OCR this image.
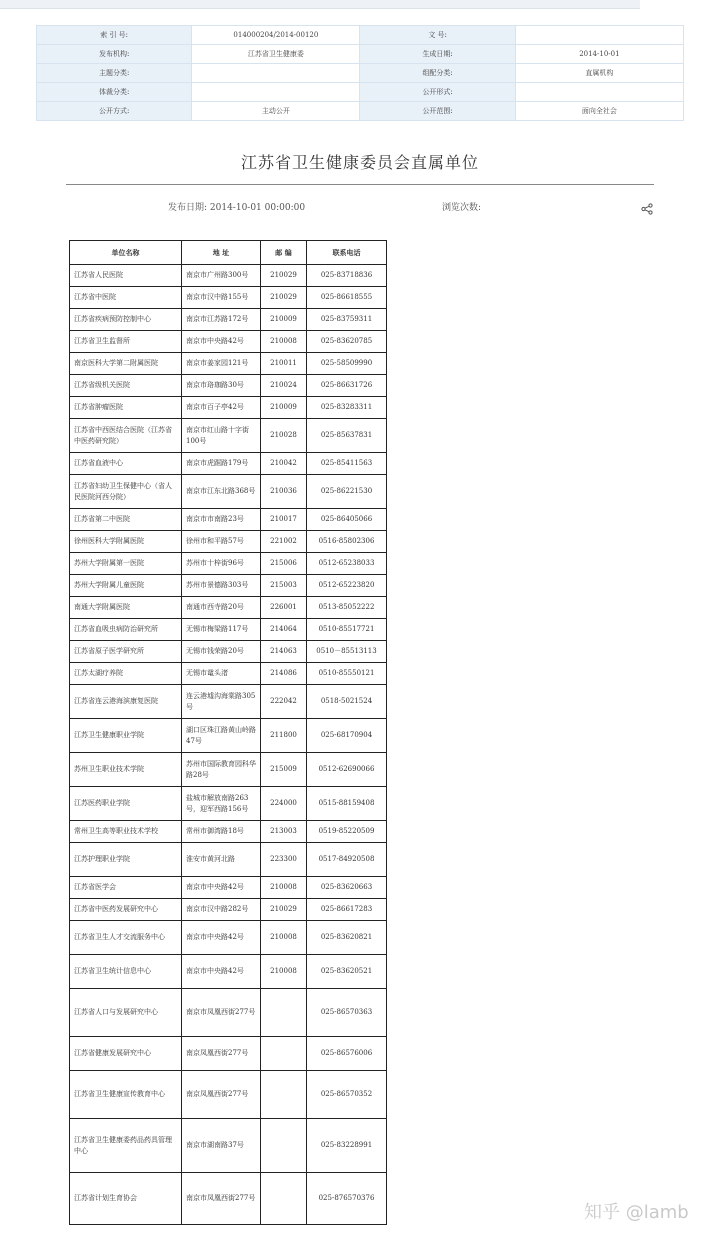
索 引 号:	014000204/2014-00120	文 号:	
发布机构:	江苏省卫生健康委	生成日期:	2014-10-01
主题分类:		组配分类:	直属机构
体裁分类:		公开形式:	
公开方式:	主动公开	公开范围:	面向全社会
江苏省卫生健康委员会直属单位
发布日期: 2014-10-01 00:00:00	浏览次数:
单位名称	地 址	邮 编	联系电话
江苏省人民医院	南京市广州路300号	210029	025-83718836
江苏省中医院	南京市汉中路155号	210029	025-86618555
江苏省疾病预防控制中心	南京市江苏路172号	210009	025-83759311
江苏省卫生监督所	南京市中央路42号	210008	025-83620785
南京医科大学第二附属医院	南京市姜家园121号	210011	025-58509990
江苏省级机关医院	南京市珞珈路30号	210024	025-86631726
江苏省肿瘤医院	南京市百子亭42号	210009	025-83283311
江苏省中西医结合医院（江苏省中医药研究院）	南京市红山路十字街100号	210028	025-85637831
江苏省血液中心	南京市虎踞路179号	210042	025-85411563
江苏省妇幼卫生保健中心（省人民医院河西分院）	南京市江东北路368号	210036	025-86221530
江苏省第二中医院	南京市市南路23号	210017	025-86405066
徐州医科大学附属医院	徐州市和平路57号	221002	0516-85802306
苏州大学附属第一医院	苏州市十梓街96号	215006	0512-65238033
苏州大学附属儿童医院	苏州市景德路303号	215003	0512-65223820
南通大学附属医院	南通市西寺路20号	226001	0513-85052222
江苏省血吸虫病防治研究所	无锡市梅梁路117号	214064	0510-85517721
江苏省原子医学研究所	无锡市钱荣路20号	214063	0510－85513113
江苏太湖疗养院	无锡市鼋头渚	214086	0510-85550121
江苏省连云港海滨康复医院	连云港墟沟海棠路305号	222042	0518-5021524
江苏卫生健康职业学院	湖口区珠江路黄山岭路47号	211800	025-68170904
苏州卫生职业技术学院	苏州市国际教育园科华路28号	215009	0512-62690066
江苏医药职业学院	盐城市解放南路263号，迎军西路156号	224000	0515-88159408
常州卫生高等职业技术学校	常州市御湾路18号	213003	0519-85220509
江苏护理职业学院	淮安市黄河北路	223300	0517-84920508
江苏省医学会	南京市中央路42号	210008	025-83620663
江苏省中医药发展研究中心	南京市汉中路282号	210029	025-86617283
江苏省卫生人才交流服务中心	南京市中央路42号	210008	025-83620821
江苏省卫生统计信息中心	南京市中央路42号	210008	025-83620521
江苏省人口与发展研究中心	南京市凤凰西街277号		025-86570363
江苏省健康发展研究中心	南京凤凰西街277号		025-86576006
江苏省卫生健康宣传教育中心	南京凤凰西街277号		025-86570352
江苏省卫生健康委药品药具管理中心	南京市湖南路37号		025-83228991
江苏省计划生育协会	南京市凤凰西街277号		025-876570376
知乎 @lamb
